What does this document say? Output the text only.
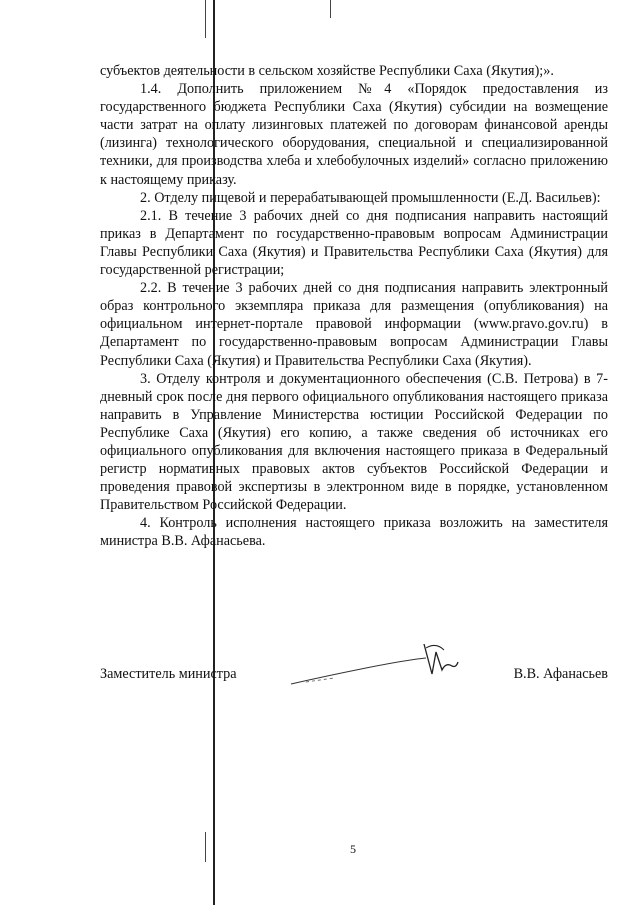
субъектов деятельности в сельском хозяйстве Республики Саха (Якутия);».

1.4. Дополнить приложением №4 «Порядок предоставления из государственного бюджета Республики Саха (Якутия) субсидии на возмещение части затрат на оплату лизинговых платежей по договорам финансовой аренды (лизинга) технологического оборудования, специальной и специализированной техники, для производства хлеба и хлебобулочных изделий» согласно приложению к настоящему приказу.

2. Отделу пищевой и перерабатывающей промышленности (Е.Д. Васильев):

2.1. В течение 3 рабочих дней со дня подписания направить настоящий приказ в Департамент по государственно-правовым вопросам Администрации Главы Республики Саха (Якутия) и Правительства Республики Саха (Якутия) для государственной регистрации;

2.2. В течение 3 рабочих дней со дня подписания направить электронный образ контрольного экземпляра приказа для размещения (опубликования) на официальном интернет-портале правовой информации (www.pravo.gov.ru) в Департамент по государственно-правовым вопросам Администрации Главы Республики Саха (Якутия) и Правительства Республики Саха (Якутия).

3. Отделу контроля и документационного обеспечения (С.В. Петрова) в 7-дневный срок после дня первого официального опубликования настоящего приказа направить в Управление Министерства юстиции Российской Федерации по Республике Саха (Якутия) его копию, а также сведения об источниках его официального опубликования для включения настоящего приказа в Федеральный регистр нормативных правовых актов субъектов Российской Федерации и проведения правовой экспертизы в электронном виде в порядке, установленном Правительством Российской Федерации.

4. Контроль исполнения настоящего приказа возложить на заместителя министра В.В. Афанасьева.

Заместитель министра	В.В. Афанасьев
5
